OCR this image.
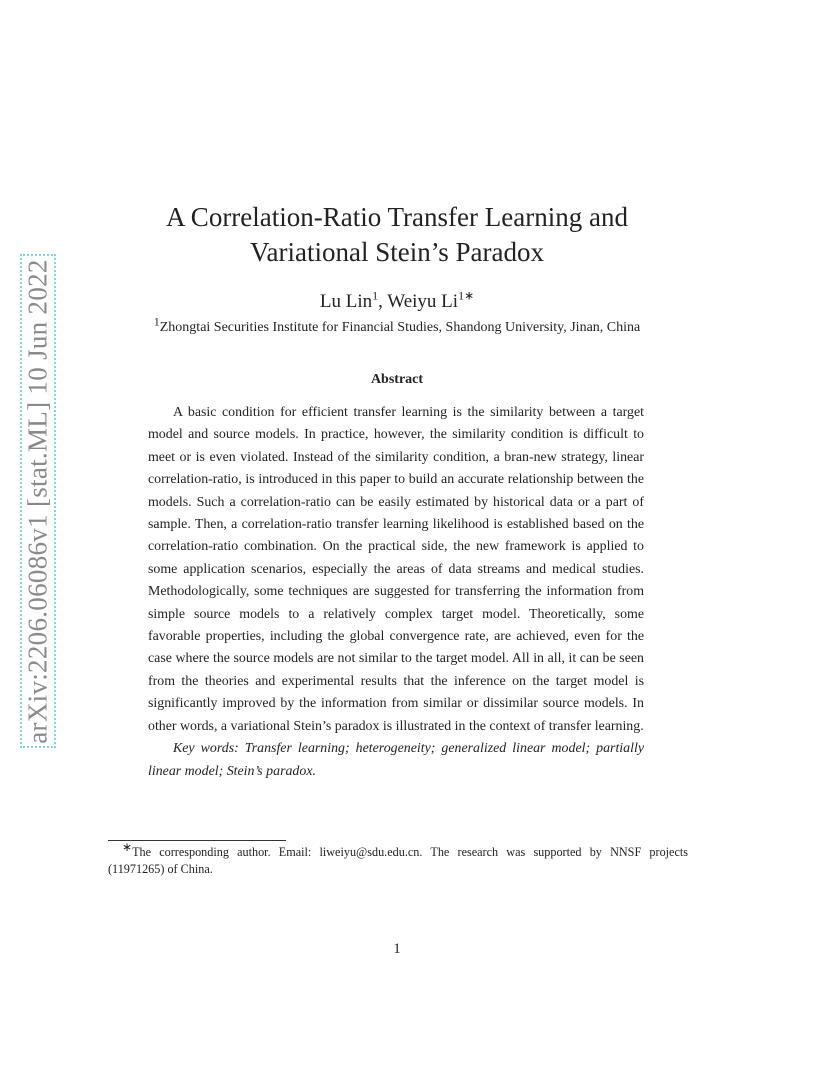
arXiv:2206.06086v1 [stat.ML] 10 Jun 2022
A Correlation-Ratio Transfer Learning and
Variational Stein’s Paradox
Lu Lin$^1$, Weiyu $Li^{1∗}$
$^1$Zhongtai Securities Institute for Financial Studies, Shandong University, Jinan, China
Abstract

A basic condition for efficient transfer learning is the similarity between a target model and source models. In practice, however, the similarity condition is difficult to meet or is even violated. Instead of the similarity condition, a bran-new strategy, linear correlation-ratio, is introduced in this paper to build an accurate relationship between the models. Such a correlation-ratio can be easily estimated by historical data or a part of sample. Then, a correlation-ratio transfer learning likelihood is established based on the correlation-ratio combination. On the practical side, the new framework is applied to some application scenarios, especially the areas of data streams and medical studies. Methodologically, some techniques are suggested for transferring the information from simple source models to a relatively complex target model. Theoretically, some favorable properties, including the global convergence rate, are achieved, even for the case where the source models are not similar to the target model. All in all, it can be seen from the theories and experimental results that the inference on the target model is significantly improved by the information from similar or dissimilar source models. In other words, a variational Stein’s paradox is illustrated in the context of transfer learning.

Key words: Transfer learning; heterogeneity; generalized linear model; partially linear model; Stein’s paradox.

∗The corresponding author. Email: liweiyu@sdu.edu.cn. The research was supported by NNSF projects (11971265) of China.

1
